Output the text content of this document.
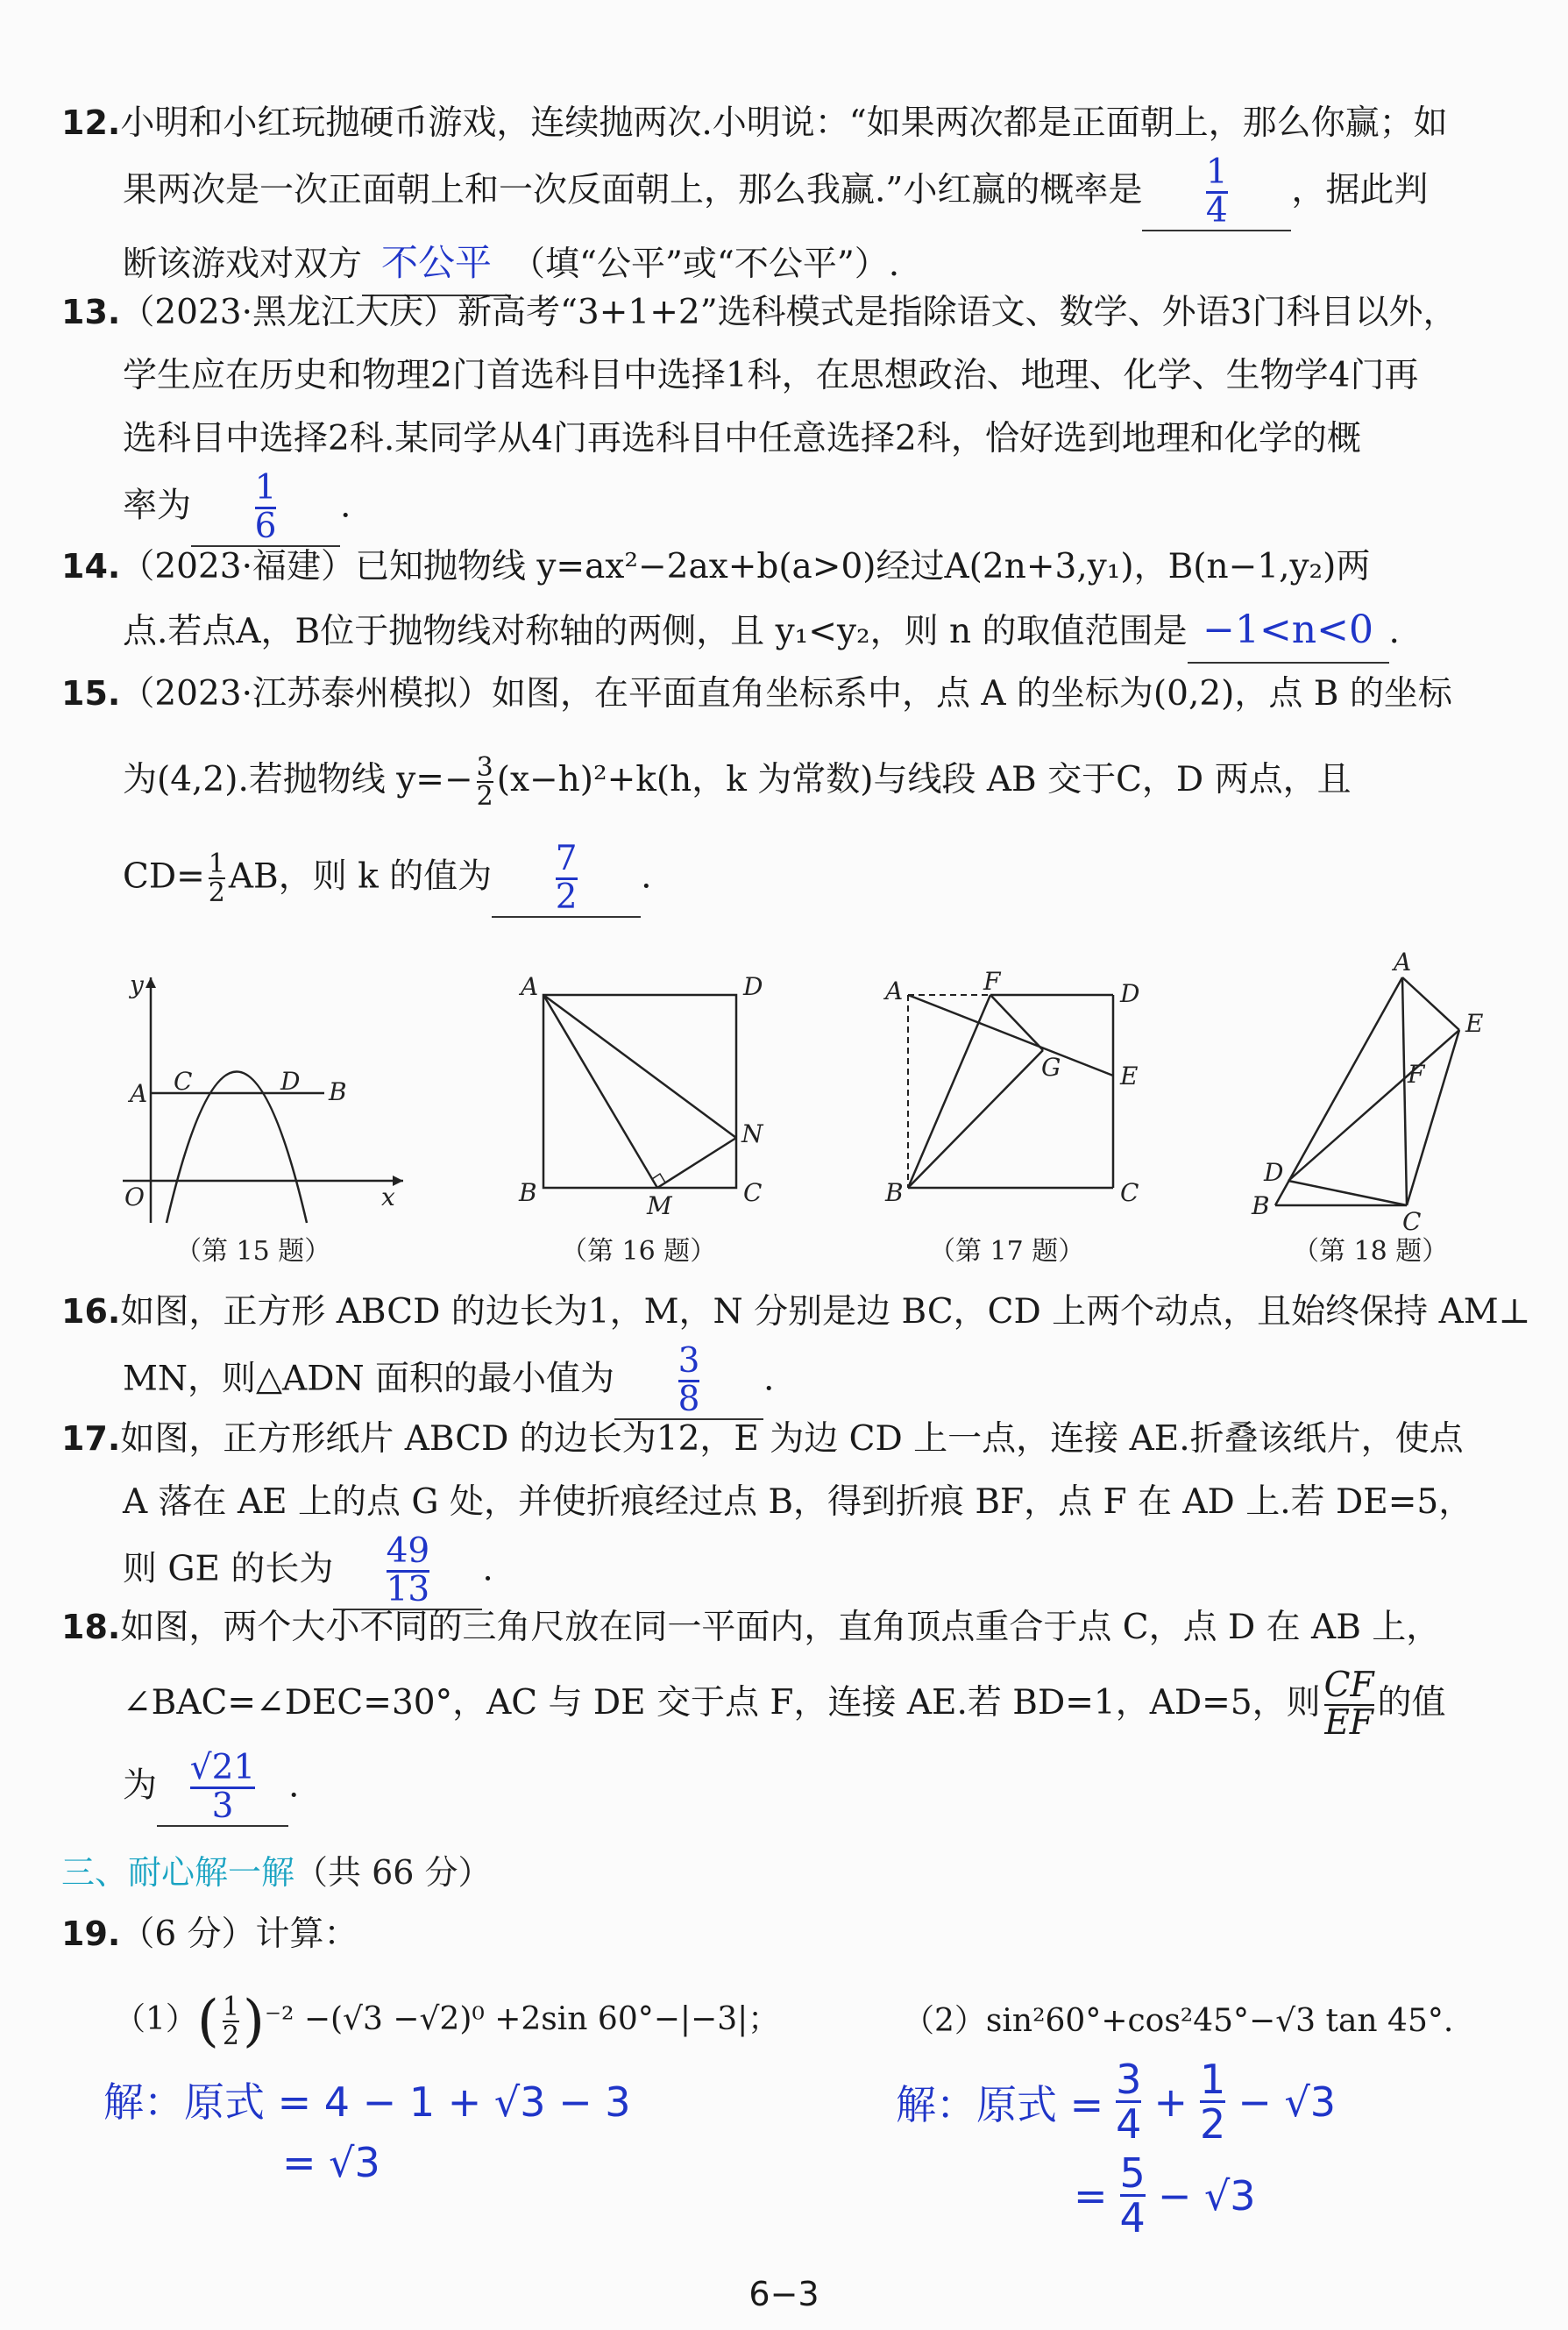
12.小明和小红玩抛硬币游戏，连续抛两次.小明说：“如果两次都是正面朝上，那么你赢；如
果两次是一次正面朝上和一次反面朝上，那么我赢.”小红赢的概率是 $\frac{1}{4}$ ，据此判
断该游戏对双方 不公平 （填“公平”或“不公平”）.
13.（2023·黑龙江大庆）新高考“3+1+2”选科模式是指除语文、数学、外语3门科目以外，
学生应在历史和物理2门首选科目中选择1科，在思想政治、地理、化学、生物学4门再
选科目中选择2科.某同学从4门再选科目中任意选择2科，恰好选到地理和化学的概
率为 $\frac{1}{6}$ .
14.（2023·福建）已知抛物线 y=ax²−2ax+b(a>0)经过A(2n+3,y₁)，B(n−1,y₂)两
点.若点A，B位于抛物线对称轴的两侧，且 y₁<y₂，则 n 的取值范围是 −1<n<0 .
15.（2023·江苏泰州模拟）如图，在平面直角坐标系中，点 A 的坐标为(0,2)，点 B 的坐标
为(4,2).若抛物线 $y=- \frac{3}{2} (x-h)^2+k(h$，k 为常数)与线段 AB 交于C，D 两点，且
$CD= \frac{1}{2}$ AB，则 k 的值为 $\frac{7}{2}$ .
y
x
O
A	B
C	D
（第 15 题）
A
B	C
D
M
N
（第 16 题）
A
B	C
D
E
F
G
（第 17 题）
A
B
C
D
E
F
（第 18 题）
16.如图，正方形 ABCD 的边长为1，M，N 分别是边 BC，CD 上两个动点，且始终保持 AM⊥
MN，则△ADN 面积的最小值为 $\frac{3}{8}$ .
17.如图，正方形纸片 ABCD 的边长为12，E 为边 CD 上一点，连接 AE.折叠该纸片，使点
A 落在 AE 上的点 G 处，并使折痕经过点 B，得到折痕 BF，点 F 在 AD 上.若 DE=5，
则 GE 的长为 $\frac{49}{13}$ .
18.如图，两个大小不同的三角尺放在同一平面内，直角顶点重合于点 C，点 D 在 AB 上，
∠BAC=∠DEC=30°，AC 与 DE 交于点 F，连接 AE.若 BD=1，AD=5，则 $\frac{CF}{EF}$ 的值
为 $\frac{√21}{3}$ .
三、耐心解一解（共 66 分）
19.（6 分）计算：
$(1)( \frac{1}{2} )^{-2} -(√3 -√2)^0 +2\sin$ 60°−|−3|；	（2）sin²60°+cos²45°−√3 tan 45°.
解：原式 = 4 − 1 + √3 − 3
= √3
解：原式 = $\frac{3}{4} + \frac{1}{2} - √3$
= $\frac{5}{4} - √3$
6−3
